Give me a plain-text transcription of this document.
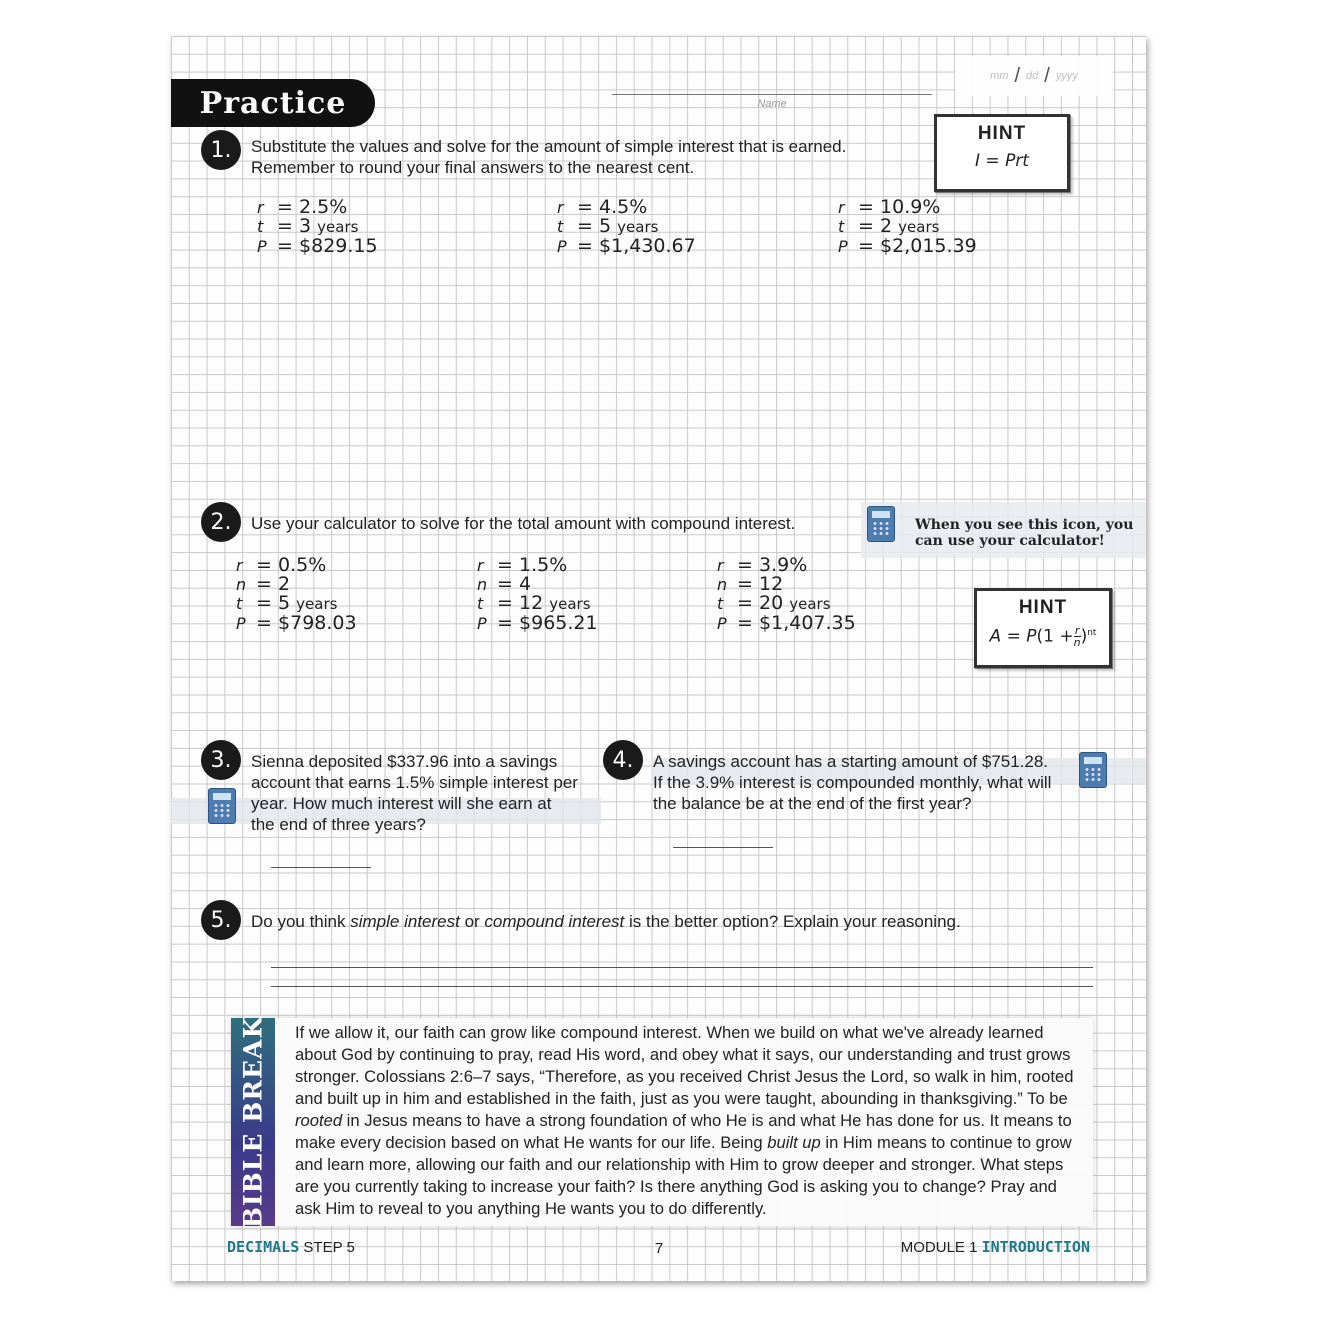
Practice	Name
mm / dd / yyyy
1. Substitute the values and solve for the amount of simple interest that is earned.
Remember to round your final answers to the nearest cent.
HINT
I = Prt
r = 2.5%
t = 3 years
P = $829.15
r = 4.5%
t = 5 years
P = $1,430.67
r = 10.9%
t = 2 years
P = $2,015.39
2. Use your calculator to solve for the total amount with compound interest.	When you see this icon, you
can use your calculator!
HINT
$A = P(1 + \frac{r}{n} )^{nt}$
r = 0.5%
n = 2
t = 5 years
P = $798.03
r = 1.5%
n = 4
t = 12 years
P = $965.21
r = 3.9%
n = 12
t = 20 years
P = $1,407.35
3. Sienna deposited $337.96 into a savings
account that earns 1.5% simple interest per
year. How much interest will she earn at
the end of three years?
4. A savings account has a starting amount of $751.28.
If the 3.9% interest is compounded monthly, what will
the balance be at the end of the first year?
5. Do you think simple interest or compound interest is the better option? Explain your reasoning.
BIBLE BREAK If we allow it, our faith can grow like compound interest. When we build on what we've already learned about God by continuing to pray, read His word, and obey what it says, our understanding and trust grows stronger. Colossians 2:6–7 says, “Therefore, as you received Christ Jesus the Lord, so walk in him, rooted and built up in him and established in the faith, just as you were taught, abounding in thanksgiving.” To be rooted in Jesus means to have a strong foundation of who He is and what He has done for us. It means to make every decision based on what He wants for our life. Being built up in Him means to continue to grow and learn more, allowing our faith and our relationship with Him to grow deeper and stronger. What steps are you currently taking to increase your faith? Is there anything God is asking you to change? Pray and ask Him to reveal to you anything He wants you to do differently.
DECIMALS STEP 5	7	MODULE 1 INTRODUCTION
